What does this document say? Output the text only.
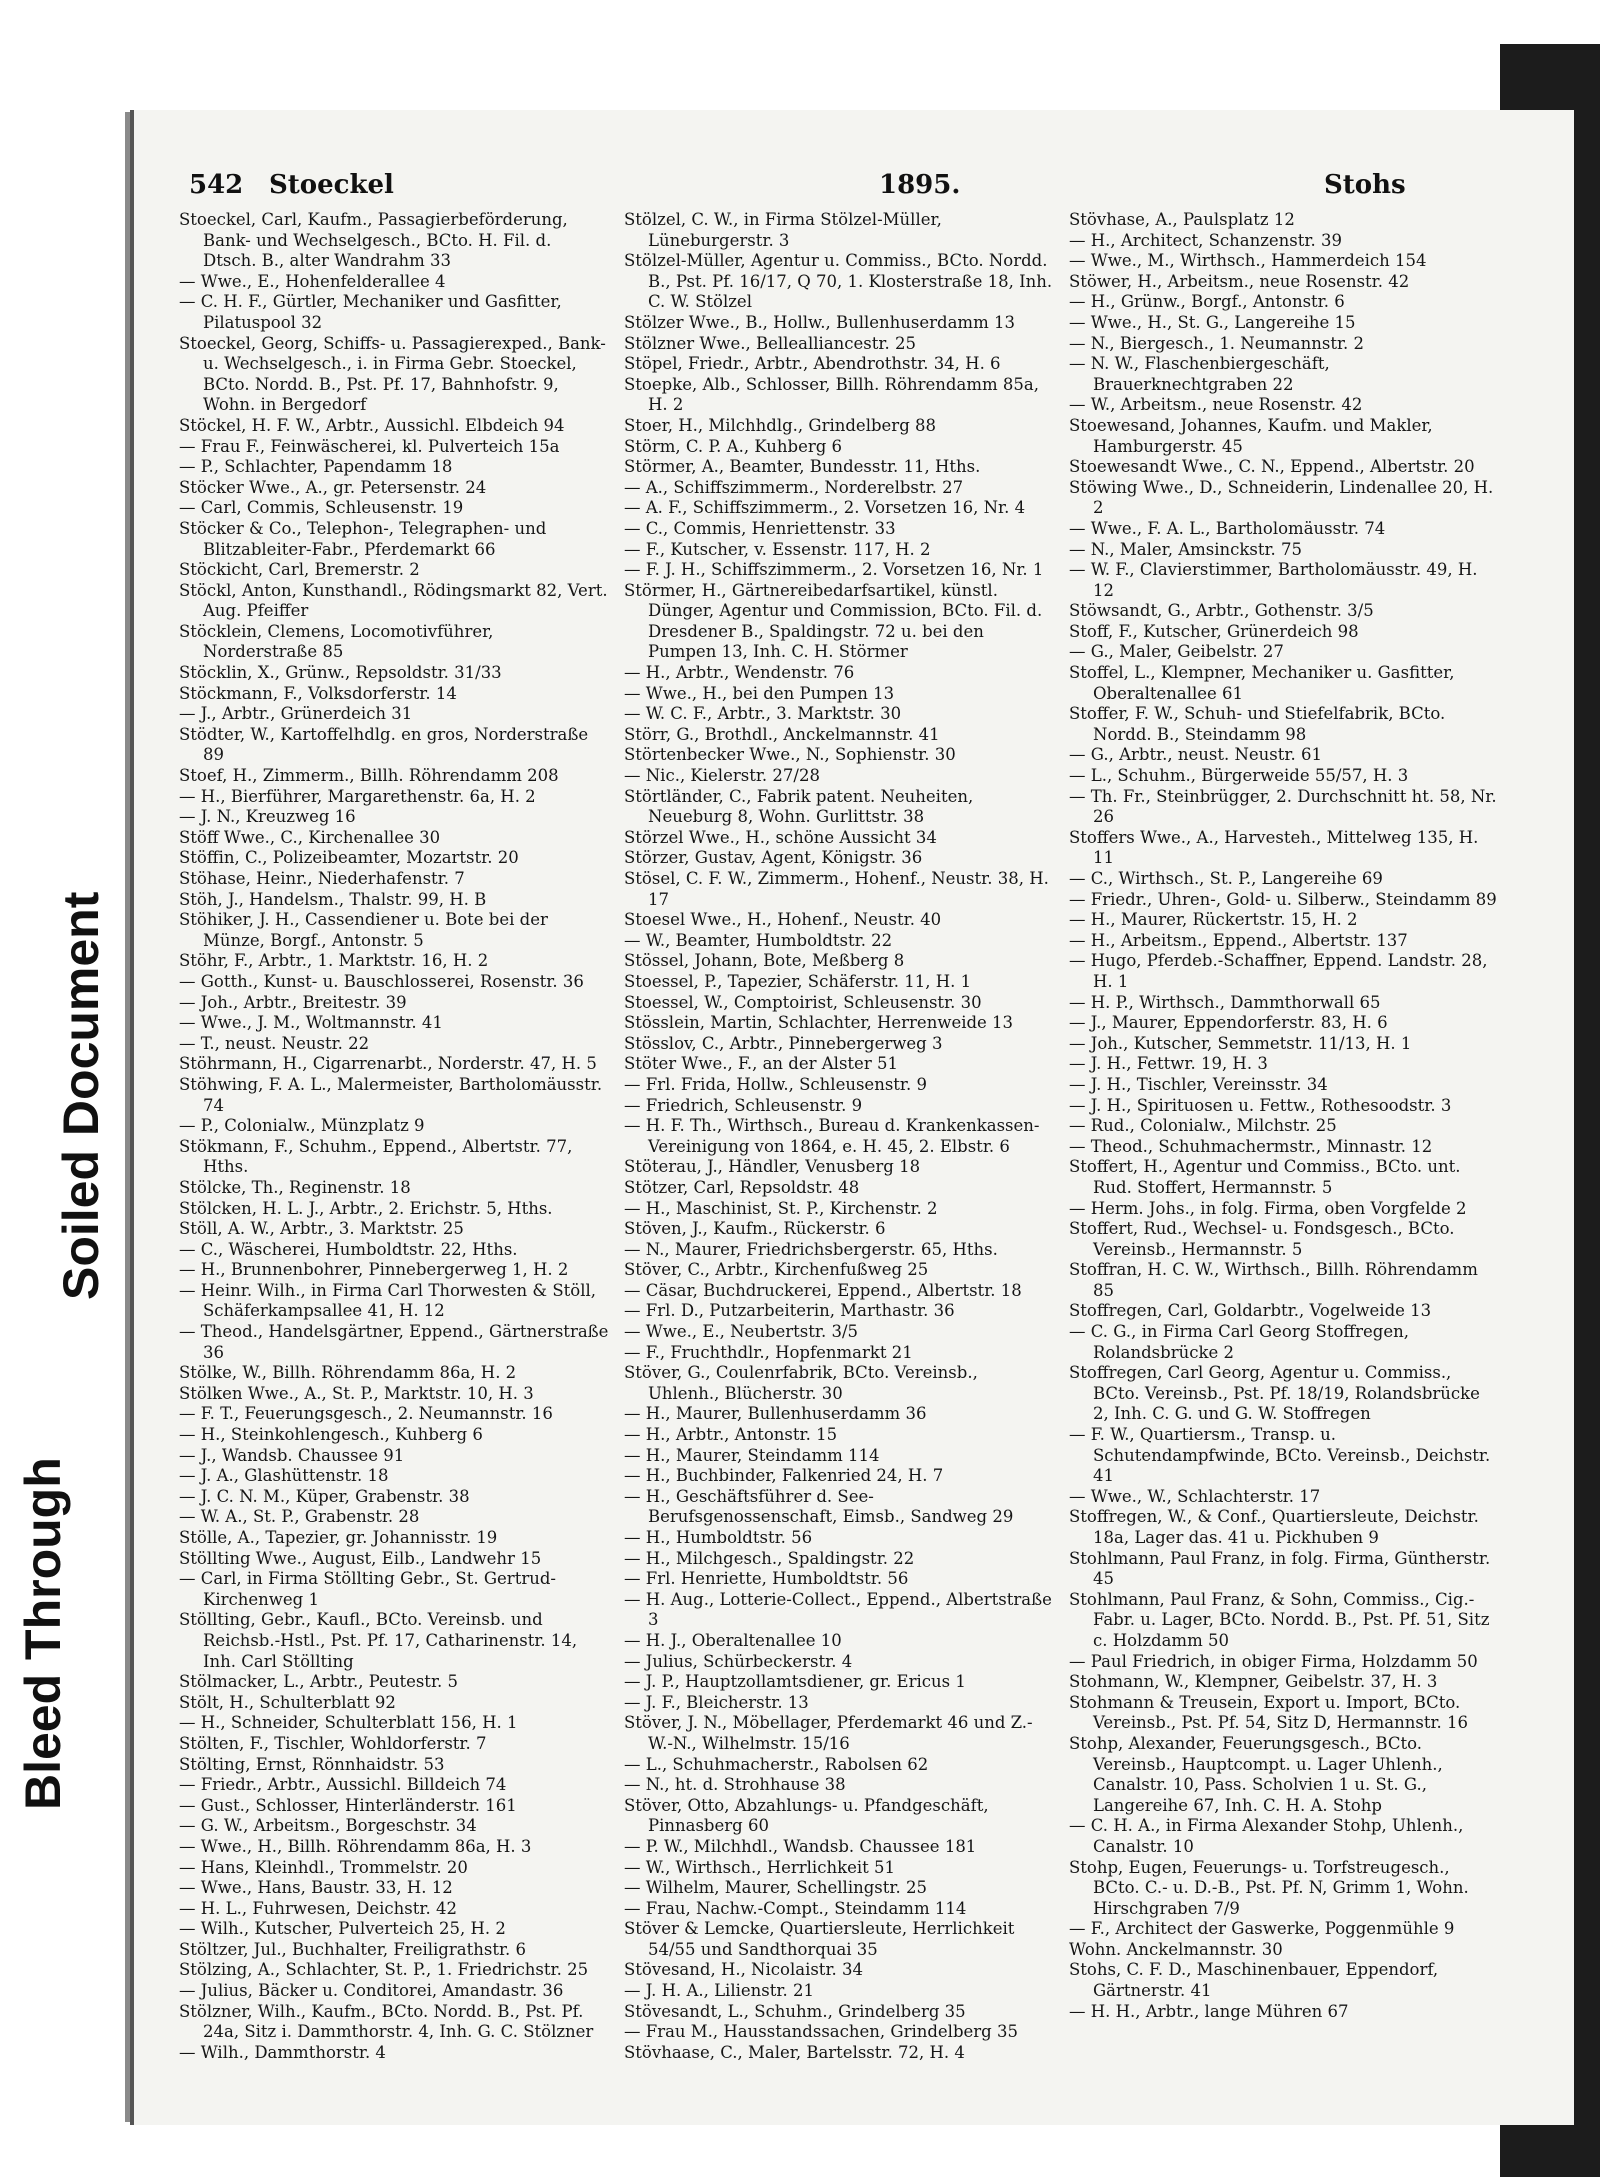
Bleed Through
Soiled Document
542 Stoeckel	1895.	Stohs

Stoeckel, Carl, Kaufm., Passagierbeförderung, Bank- und Wechselgesch., BCto. H. Fil. d. Dtsch. B., alter Wandrahm 33

— Wwe., E., Hohenfelderallee 4

— C. H. F., Gürtler, Mechaniker und Gasfitter, Pilatuspool 32

Stoeckel, Georg, Schiffs- u. Passagierexped., Bank- u. Wechselgesch., i. in Firma Gebr. Stoeckel, BCto. Nordd. B., Pst. Pf. 17, Bahnhofstr. 9, Wohn. in Bergedorf

Stöckel, H. F. W., Arbtr., Aussichl. Elbdeich 94

— Frau F., Feinwäscherei, kl. Pulverteich 15a

— P., Schlachter, Papendamm 18

Stöcker Wwe., A., gr. Petersenstr. 24

— Carl, Commis, Schleusenstr. 19

Stöcker & Co., Telephon-, Telegraphen- und Blitzableiter-Fabr., Pferdemarkt 66

Stöckicht, Carl, Bremerstr. 2

Stöckl, Anton, Kunsthandl., Rödingsmarkt 82, Vert. Aug. Pfeiffer

Stöcklein, Clemens, Locomotivführer, Norderstraße 85

Stöcklin, X., Grünw., Repsoldstr. 31/33

Stöckmann, F., Volksdorferstr. 14

— J., Arbtr., Grünerdeich 31

Stödter, W., Kartoffelhdlg. en gros, Norderstraße 89

Stoef, H., Zimmerm., Billh. Röhrendamm 208

— H., Bierführer, Margarethenstr. 6a, H. 2

— J. N., Kreuzweg 16

Stöff Wwe., C., Kirchenallee 30

Stöffin, C., Polizeibeamter, Mozartstr. 20

Stöhase, Heinr., Niederhafenstr. 7

Stöh, J., Handelsm., Thalstr. 99, H. B

Stöhiker, J. H., Cassendiener u. Bote bei der Münze, Borgf., Antonstr. 5

Stöhr, F., Arbtr., 1. Marktstr. 16, H. 2

— Gotth., Kunst- u. Bauschlosserei, Rosenstr. 36

— Joh., Arbtr., Breitestr. 39

— Wwe., J. M., Woltmannstr. 41

— T., neust. Neustr. 22

Stöhrmann, H., Cigarrenarbt., Norderstr. 47, H. 5

Stöhwing, F. A. L., Malermeister, Bartholomäusstr. 74

— P., Colonialw., Münzplatz 9

Stökmann, F., Schuhm., Eppend., Albertstr. 77, Hths.

Stölcke, Th., Reginenstr. 18

Stölcken, H. L. J., Arbtr., 2. Erichstr. 5, Hths.

Stöll, A. W., Arbtr., 3. Marktstr. 25

— C., Wäscherei, Humboldtstr. 22, Hths.

— H., Brunnenbohrer, Pinnebergerweg 1, H. 2

— Heinr. Wilh., in Firma Carl Thorwesten & Stöll, Schäferkampsallee 41, H. 12

— Theod., Handelsgärtner, Eppend., Gärtnerstraße 36

Stölke, W., Billh. Röhrendamm 86a, H. 2

Stölken Wwe., A., St. P., Marktstr. 10, H. 3

— F. T., Feuerungsgesch., 2. Neumannstr. 16

— H., Steinkohlengesch., Kuhberg 6

— J., Wandsb. Chaussee 91

— J. A., Glashüttenstr. 18

— J. C. N. M., Küper, Grabenstr. 38

— W. A., St. P., Grabenstr. 28

Stölle, A., Tapezier, gr. Johannisstr. 19

Stöllting Wwe., August, Eilb., Landwehr 15

— Carl, in Firma Stöllting Gebr., St. Gertrud-Kirchenweg 1

Stöllting, Gebr., Kaufl., BCto. Vereinsb. und Reichsb.-Hstl., Pst. Pf. 17, Catharinenstr. 14, Inh. Carl Stöllting

Stölmacker, L., Arbtr., Peutestr. 5

Stölt, H., Schulterblatt 92

— H., Schneider, Schulterblatt 156, H. 1

Stölten, F., Tischler, Wohldorferstr. 7

Stölting, Ernst, Rönnhaidstr. 53

— Friedr., Arbtr., Aussichl. Billdeich 74

— Gust., Schlosser, Hinterländerstr. 161

— G. W., Arbeitsm., Borgeschstr. 34

— Wwe., H., Billh. Röhrendamm 86a, H. 3

— Hans, Kleinhdl., Trommelstr. 20

— Wwe., Hans, Baustr. 33, H. 12

— H. L., Fuhrwesen, Deichstr. 42

— Wilh., Kutscher, Pulverteich 25, H. 2

Stöltzer, Jul., Buchhalter, Freiligrathstr. 6

Stölzing, A., Schlachter, St. P., 1. Friedrichstr. 25

— Julius, Bäcker u. Conditorei, Amandastr. 36

Stölzner, Wilh., Kaufm., BCto. Nordd. B., Pst. Pf. 24a, Sitz i. Dammthorstr. 4, Inh. G. C. Stölzner

— Wilh., Dammthorstr. 4

Stölzel, C. W., in Firma Stölzel-Müller, Lüneburgerstr. 3

Stölzel-Müller, Agentur u. Commiss., BCto. Nordd. B., Pst. Pf. 16/17, Q 70, 1. Klosterstraße 18, Inh. C. W. Stölzel

Stölzer Wwe., B., Hollw., Bullenhuserdamm 13

Stölzner Wwe., Bellealliancestr. 25

Stöpel, Friedr., Arbtr., Abendrothstr. 34, H. 6

Stoepke, Alb., Schlosser, Billh. Röhrendamm 85a, H. 2

Stoer, H., Milchhdlg., Grindelberg 88

Störm, C. P. A., Kuhberg 6

Störmer, A., Beamter, Bundesstr. 11, Hths.

— A., Schiffszimmerm., Norderelbstr. 27

— A. F., Schiffszimmerm., 2. Vorsetzen 16, Nr. 4

— C., Commis, Henriettenstr. 33

— F., Kutscher, v. Essenstr. 117, H. 2

— F. J. H., Schiffszimmerm., 2. Vorsetzen 16, Nr. 1

Störmer, H., Gärtnereibedarfsartikel, künstl. Dünger, Agentur und Commission, BCto. Fil. d. Dresdener B., Spaldingstr. 72 u. bei den Pumpen 13, Inh. C. H. Störmer

— H., Arbtr., Wendenstr. 76

— Wwe., H., bei den Pumpen 13

— W. C. F., Arbtr., 3. Marktstr. 30

Störr, G., Brothdl., Anckelmannstr. 41

Störtenbecker Wwe., N., Sophienstr. 30

— Nic., Kielerstr. 27/28

Störtländer, C., Fabrik patent. Neuheiten, Neueburg 8, Wohn. Gurlittstr. 38

Störzel Wwe., H., schöne Aussicht 34

Störzer, Gustav, Agent, Königstr. 36

Stösel, C. F. W., Zimmerm., Hohenf., Neustr. 38, H. 17

Stoesel Wwe., H., Hohenf., Neustr. 40

— W., Beamter, Humboldtstr. 22

Stössel, Johann, Bote, Meßberg 8

Stoessel, P., Tapezier, Schäferstr. 11, H. 1

Stoessel, W., Comptoirist, Schleusenstr. 30

Stösslein, Martin, Schlachter, Herrenweide 13

Stösslov, C., Arbtr., Pinnebergerweg 3

Stöter Wwe., F., an der Alster 51

— Frl. Frida, Hollw., Schleusenstr. 9

— Friedrich, Schleusenstr. 9

— H. F. Th., Wirthsch., Bureau d. Krankenkassen-Vereinigung von 1864, e. H. 45, 2. Elbstr. 6

Stöterau, J., Händler, Venusberg 18

Stötzer, Carl, Repsoldstr. 48

— H., Maschinist, St. P., Kirchenstr. 2

Stöven, J., Kaufm., Rückerstr. 6

— N., Maurer, Friedrichsbergerstr. 65, Hths.

Stöver, C., Arbtr., Kirchenfußweg 25

— Cäsar, Buchdruckerei, Eppend., Albertstr. 18

— Frl. D., Putzarbeiterin, Marthastr. 36

— Wwe., E., Neubertstr. 3/5

— F., Fruchthdlr., Hopfenmarkt 21

Stöver, G., Coulenrfabrik, BCto. Vereinsb., Uhlenh., Blücherstr. 30

— H., Maurer, Bullenhuserdamm 36

— H., Arbtr., Antonstr. 15

— H., Maurer, Steindamm 114

— H., Buchbinder, Falkenried 24, H. 7

— H., Geschäftsführer d. See-Berufsgenossenschaft, Eimsb., Sandweg 29

— H., Humboldtstr. 56

— H., Milchgesch., Spaldingstr. 22

— Frl. Henriette, Humboldtstr. 56

— H. Aug., Lotterie-Collect., Eppend., Albertstraße 3

— H. J., Oberaltenallee 10

— Julius, Schürbeckerstr. 4

— J. P., Hauptzollamtsdiener, gr. Ericus 1

— J. F., Bleicherstr. 13

Stöver, J. N., Möbellager, Pferdemarkt 46 und Z.-W.-N., Wilhelmstr. 15/16

— L., Schuhmacherstr., Rabolsen 62

— N., ht. d. Strohhause 38

Stöver, Otto, Abzahlungs- u. Pfandgeschäft, Pinnasberg 60

— P. W., Milchhdl., Wandsb. Chaussee 181

— W., Wirthsch., Herrlichkeit 51

— Wilhelm, Maurer, Schellingstr. 25

— Frau, Nachw.-Compt., Steindamm 114

Stöver & Lemcke, Quartiersleute, Herrlichkeit 54/55 und Sandthorquai 35

Stövesand, H., Nicolaistr. 34

— J. H. A., Lilienstr. 21

Stövesandt, L., Schuhm., Grindelberg 35

— Frau M., Hausstandssachen, Grindelberg 35

Stövhaase, C., Maler, Bartelsstr. 72, H. 4

Stövhase, A., Paulsplatz 12

— H., Architect, Schanzenstr. 39

— Wwe., M., Wirthsch., Hammerdeich 154

Stöwer, H., Arbeitsm., neue Rosenstr. 42

— H., Grünw., Borgf., Antonstr. 6

— Wwe., H., St. G., Langereihe 15

— N., Biergesch., 1. Neumannstr. 2

— N. W., Flaschenbiergeschäft, Brauerknechtgraben 22

— W., Arbeitsm., neue Rosenstr. 42

Stoewesand, Johannes, Kaufm. und Makler, Hamburgerstr. 45

Stoewesandt Wwe., C. N., Eppend., Albertstr. 20

Stöwing Wwe., D., Schneiderin, Lindenallee 20, H. 2

— Wwe., F. A. L., Bartholomäusstr. 74

— N., Maler, Amsinckstr. 75

— W. F., Clavierstimmer, Bartholomäusstr. 49, H. 12

Stöwsandt, G., Arbtr., Gothenstr. 3/5

Stoff, F., Kutscher, Grünerdeich 98

— G., Maler, Geibelstr. 27

Stoffel, L., Klempner, Mechaniker u. Gasfitter, Oberaltenallee 61

Stoffer, F. W., Schuh- und Stiefelfabrik, BCto. Nordd. B., Steindamm 98

— G., Arbtr., neust. Neustr. 61

— L., Schuhm., Bürgerweide 55/57, H. 3

— Th. Fr., Steinbrügger, 2. Durchschnitt ht. 58, Nr. 26

Stoffers Wwe., A., Harvesteh., Mittelweg 135, H. 11

— C., Wirthsch., St. P., Langereihe 69

— Friedr., Uhren-, Gold- u. Silberw., Steindamm 89

— H., Maurer, Rückertstr. 15, H. 2

— H., Arbeitsm., Eppend., Albertstr. 137

— Hugo, Pferdeb.-Schaffner, Eppend. Landstr. 28, H. 1

— H. P., Wirthsch., Dammthorwall 65

— J., Maurer, Eppendorferstr. 83, H. 6

— Joh., Kutscher, Semmetstr. 11/13, H. 1

— J. H., Fettwr. 19, H. 3

— J. H., Tischler, Vereinsstr. 34

— J. H., Spirituosen u. Fettw., Rothesoodstr. 3

— Rud., Colonialw., Milchstr. 25

— Theod., Schuhmachermstr., Minnastr. 12

Stoffert, H., Agentur und Commiss., BCto. unt. Rud. Stoffert, Hermannstr. 5

— Herm. Johs., in folg. Firma, oben Vorgfelde 2

Stoffert, Rud., Wechsel- u. Fondsgesch., BCto. Vereinsb., Hermannstr. 5

Stoffran, H. C. W., Wirthsch., Billh. Röhrendamm 85

Stoffregen, Carl, Goldarbtr., Vogelweide 13

— C. G., in Firma Carl Georg Stoffregen, Rolandsbrücke 2

Stoffregen, Carl Georg, Agentur u. Commiss., BCto. Vereinsb., Pst. Pf. 18/19, Rolandsbrücke 2, Inh. C. G. und G. W. Stoffregen

— F. W., Quartiersm., Transp. u. Schutendampfwinde, BCto. Vereinsb., Deichstr. 41

— Wwe., W., Schlachterstr. 17

Stoffregen, W., & Conf., Quartiersleute, Deichstr. 18a, Lager das. 41 u. Pickhuben 9

Stohlmann, Paul Franz, in folg. Firma, Güntherstr. 45

Stohlmann, Paul Franz, & Sohn, Commiss., Cig.-Fabr. u. Lager, BCto. Nordd. B., Pst. Pf. 51, Sitz c. Holzdamm 50

— Paul Friedrich, in obiger Firma, Holzdamm 50

Stohmann, W., Klempner, Geibelstr. 37, H. 3

Stohmann & Treusein, Export u. Import, BCto. Vereinsb., Pst. Pf. 54, Sitz D, Hermannstr. 16

Stohp, Alexander, Feuerungsgesch., BCto. Vereinsb., Hauptcompt. u. Lager Uhlenh., Canalstr. 10, Pass. Scholvien 1 u. St. G., Langereihe 67, Inh. C. H. A. Stohp

— C. H. A., in Firma Alexander Stohp, Uhlenh., Canalstr. 10

Stohp, Eugen, Feuerungs- u. Torfstreugesch., BCto. C.- u. D.-B., Pst. Pf. N, Grimm 1, Wohn. Hirschgraben 7/9

— F., Architect der Gaswerke, Poggenmühle 9

Wohn. Anckelmannstr. 30

Stohs, C. F. D., Maschinenbauer, Eppendorf, Gärtnerstr. 41

— H. H., Arbtr., lange Mühren 67
